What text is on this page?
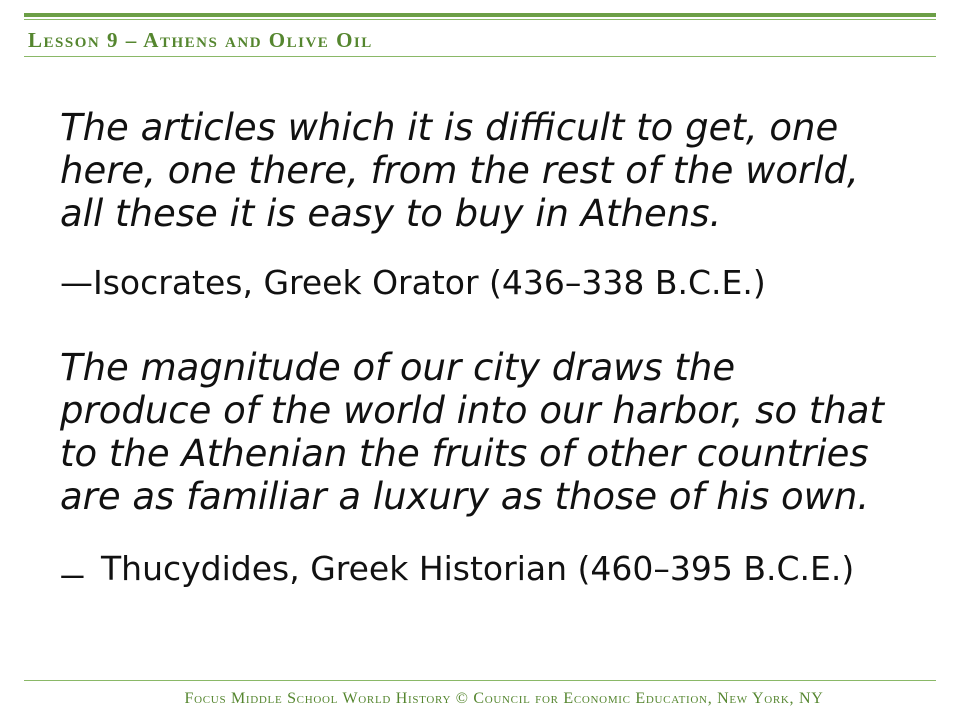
Lesson 9 – Athens and Olive Oil
The articles which it is difficult to get, one
here, one there, from the rest of the world,
all these it is easy to buy in Athens.
—Isocrates, Greek Orator (436–338 B.C.E.)
The magnitude of our city draws the
produce of the world into our harbor, so that
to the Athenian the fruits of other countries
are as familiar a luxury as those of his own.
— Thucydides, Greek Historian (460–395 B.C.E.)
Focus Middle School World History © Council for Economic Education, New York, NY
